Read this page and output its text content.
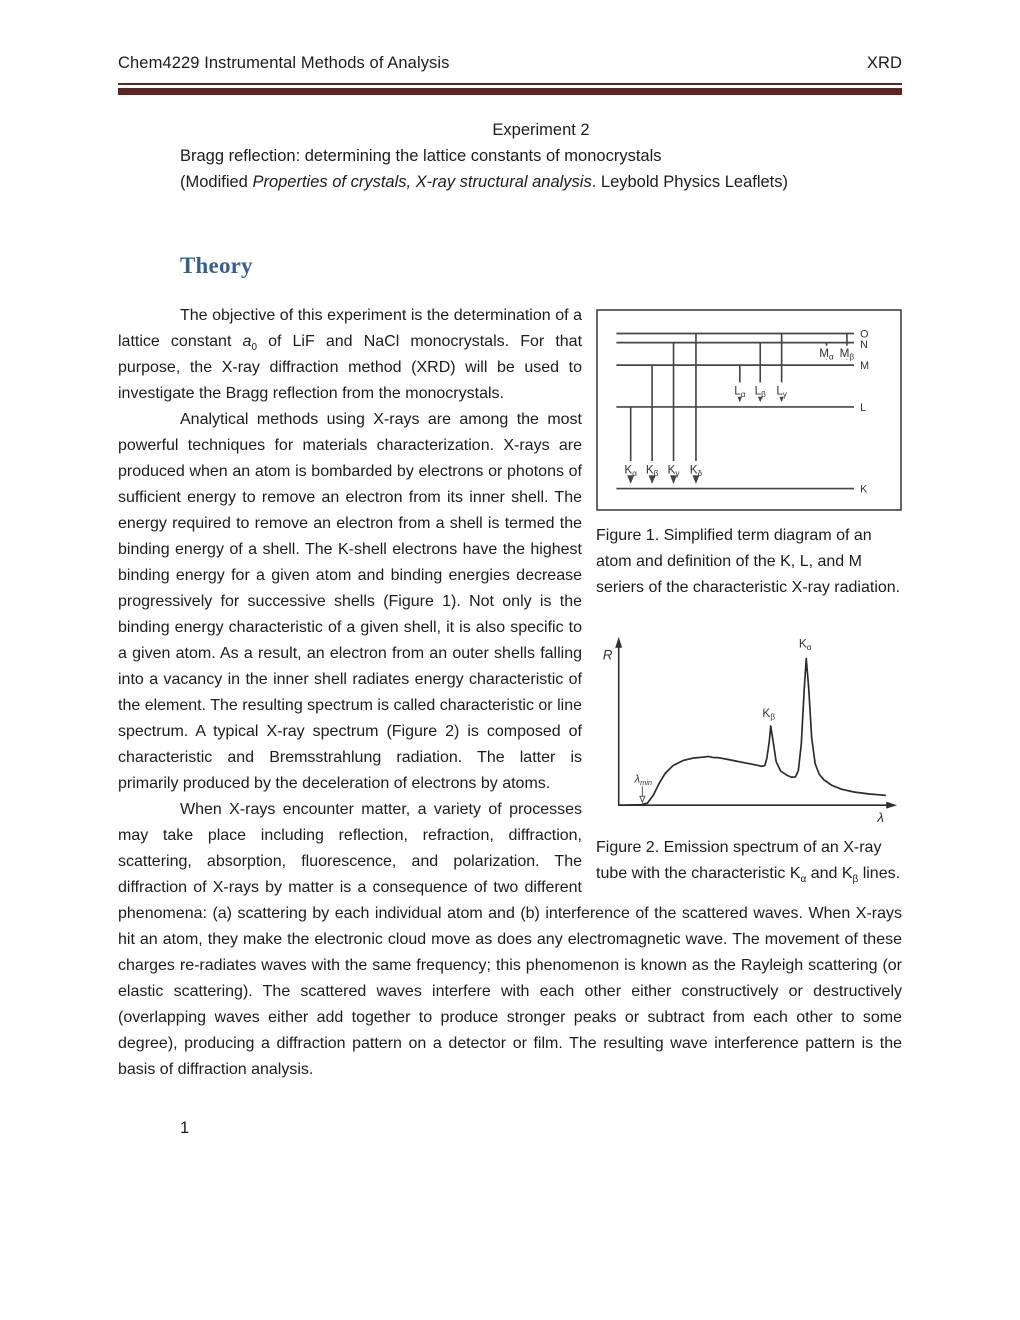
Chem4229 Instrumental Methods of Analysis	XRD
Experiment 2
Bragg reflection: determining the lattice constants of monocrystals
(Modified Properties of crystals, X-ray structural analysis. Leybold Physics Leaflets)
Theory
O
N
M
L
K
$K_\alpha$ $K_\beta$ $K_\gamma$ $K_\delta$
$L_\alpha$ $L_\beta$ $L_\gamma$
$M_\alpha$ $M_\beta$
Figure 1. Simplified term diagram of an atom and definition of the K, L, and M seriers of the characteristic X-ray radiation.
R
λ
$\lambda_{min}$
$K_\beta$
$K_\alpha$
Figure 2. Emission spectrum of an X-ray tube with the characteristic $K_\alpha$ and $K_\beta$ lines.

The objective of this experiment is the determination of a lattice constant $a_0$ of LiF and NaCl monocrystals. For that purpose, the X-ray diffraction method (XRD) will be used to investigate the Bragg reflection from the monocrystals.

Analytical methods using X-rays are among the most powerful techniques for materials characterization. X-rays are produced when an atom is bombarded by electrons or photons of sufficient energy to remove an electron from its inner shell. The energy required to remove an electron from a shell is termed the binding energy of a shell. The K-shell electrons have the highest binding energy for a given atom and binding energies decrease progressively for successive shells (Figure 1). Not only is the binding energy characteristic of a given shell, it is also specific to a given atom. As a result, an electron from an outer shells falling into a vacancy in the inner shell radiates energy characteristic of the element. The resulting spectrum is called characteristic or line spectrum. A typical X-ray spectrum (Figure 2) is composed of characteristic and Bremsstrahlung radiation. The latter is primarily produced by the deceleration of electrons by atoms.

When X-rays encounter matter, a variety of processes may take place including reflection, refraction, diffraction, scattering, absorption, fluorescence, and polarization. The diffraction of X-rays by matter is a consequence of two different phenomena: (a) scattering by each individual atom and (b) interference of the scattered waves. When X-rays hit an atom, they make the electronic cloud move as does any electromagnetic wave. The movement of these charges re-radiates waves with the same frequency; this phenomenon is known as the Rayleigh scattering (or elastic scattering). The scattered waves interfere with each other either constructively or destructively (overlapping waves either add together to produce stronger peaks or subtract from each other to some degree), producing a diffraction pattern on a detector or film. The resulting wave interference pattern is the basis of diffraction analysis.

1
